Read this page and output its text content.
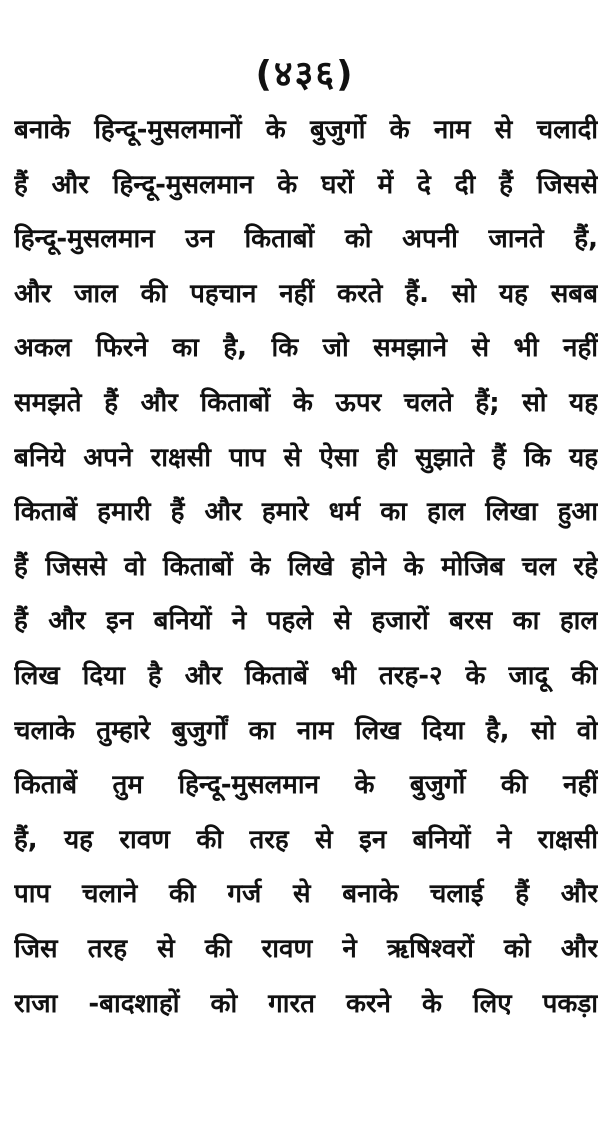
(४३६)
बनाके हिन्दू-मुसलमानों के बुजुर्गो के नाम से चलादी
हैं और हिन्दू-मुसलमान के घरों में दे दी हैं जिससे
हिन्दू-मुसलमान उन किताबों को अपनी जानते हैं,
और जाल की पहचान नहीं करते हैं. सो यह सबब
अकल फिरने का है, कि जो समझाने से भी नहीं
समझते हैं और किताबों के ऊपर चलते हैं; सो यह
बनिये अपने राक्षसी पाप से ऐसा ही सुझाते हैं कि यह
किताबें हमारी हैं और हमारे धर्म का हाल लिखा हुआ
हैं जिससे वो किताबों के लिखे होने के मोजिब चल रहे
हैं और इन बनियों ने पहले से हजारों बरस का हाल
लिख दिया है और किताबें भी तरह-२ के जादू की
चलाके तुम्हारे बुजुर्गों का नाम लिख दिया है, सो वो
किताबें तुम हिन्दू-मुसलमान के बुजुर्गो की नहीं
हैं, यह रावण की तरह से इन बनियों ने राक्षसी
पाप चलाने की गर्ज से बनाके चलाई हैं और
जिस तरह से की रावण ने ऋषिश्वरों को और
राजा -बादशाहों को गारत करने के लिए पकड़ा
